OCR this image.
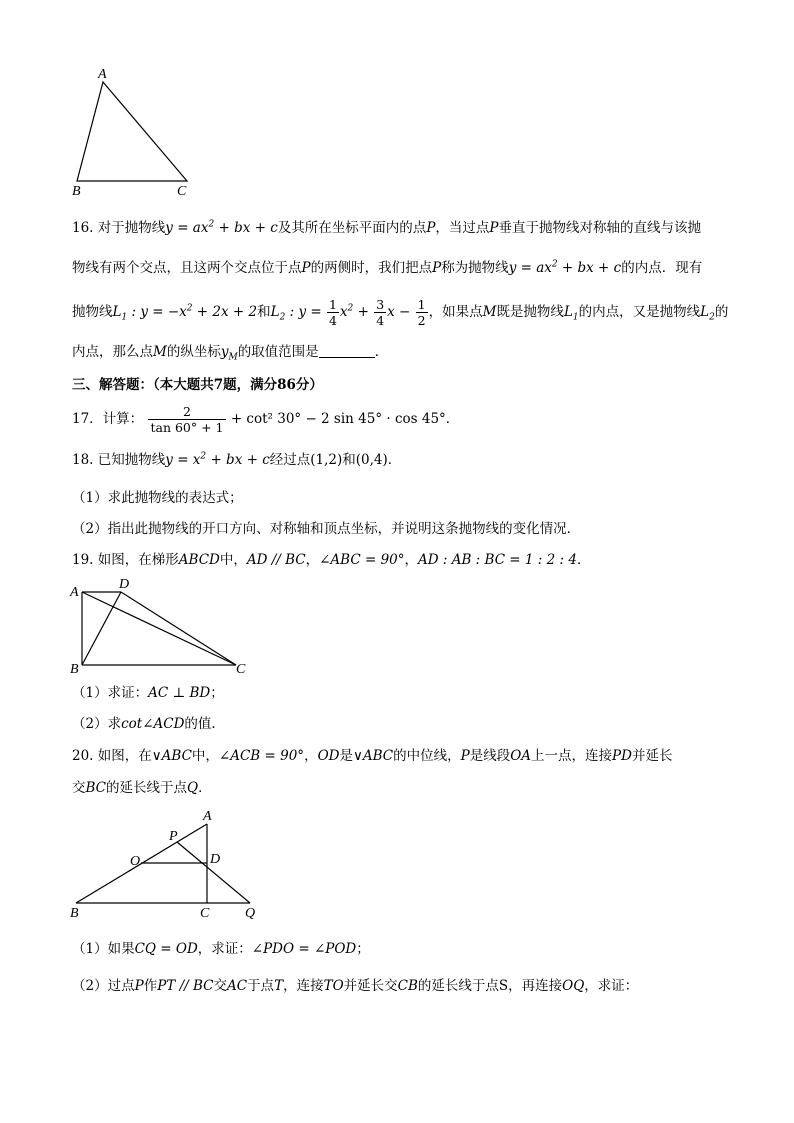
A
B	C
16. 对于抛物线$y = ax^2$ + bx + c及其所在坐标平面内的点P，当过点P垂直于抛物线对称轴的直线与该抛
物线有两个交点，且这两个交点位于点P的两侧时，我们把点P称为抛物线$y = ax^2$ + bx + c的内点．现有
抛物线$L_1$ : $y = -x^2 + 2x + 2$和$L_2$ : $y = \frac{1}{4} x^2 + \frac{3}{4}$ $x - \frac{1}{2}$ ，如果点M既是抛物线$L_1$的内点，又是抛物线$L_2$的
内点，那么点M的纵坐标$y_M$的取值范围是	．
三、解答题：（本大题共7题，满分86分）
17．计算： $\frac{2}{\tan 60^\circ + 1} + \cot^2$ 30° − 2 sin 45° · cos 45°．
18. 已知抛物线$y = x^2$ + bx + c经过点(1,2)和(0,4)．
（1）求此抛物线的表达式；
（2）指出此抛物线的开口方向、对称轴和顶点坐标，并说明这条抛物线的变化情况．
19. 如图，在梯形ABCD中，AD // BC，∠ABC = 90°，AD : AB : BC = 1 : 2 : 4．
A
D
B	C
（1）求证：AC ⊥ BD；
（2）求cot∠ACD的值．
20. 如图，在∨ABC中，∠ACB = 90°，OD是∨ABC的中位线，P是线段OA上一点，连接PD并延长
交BC的延长线于点Q．
A
P
O	D
B	C	Q
（1）如果CQ = OD，求证：∠PDO = ∠POD；
（2）过点P作PT // BC交AC于点T，连接TO并延长交CB的延长线于点S，再连接OQ，求证：
